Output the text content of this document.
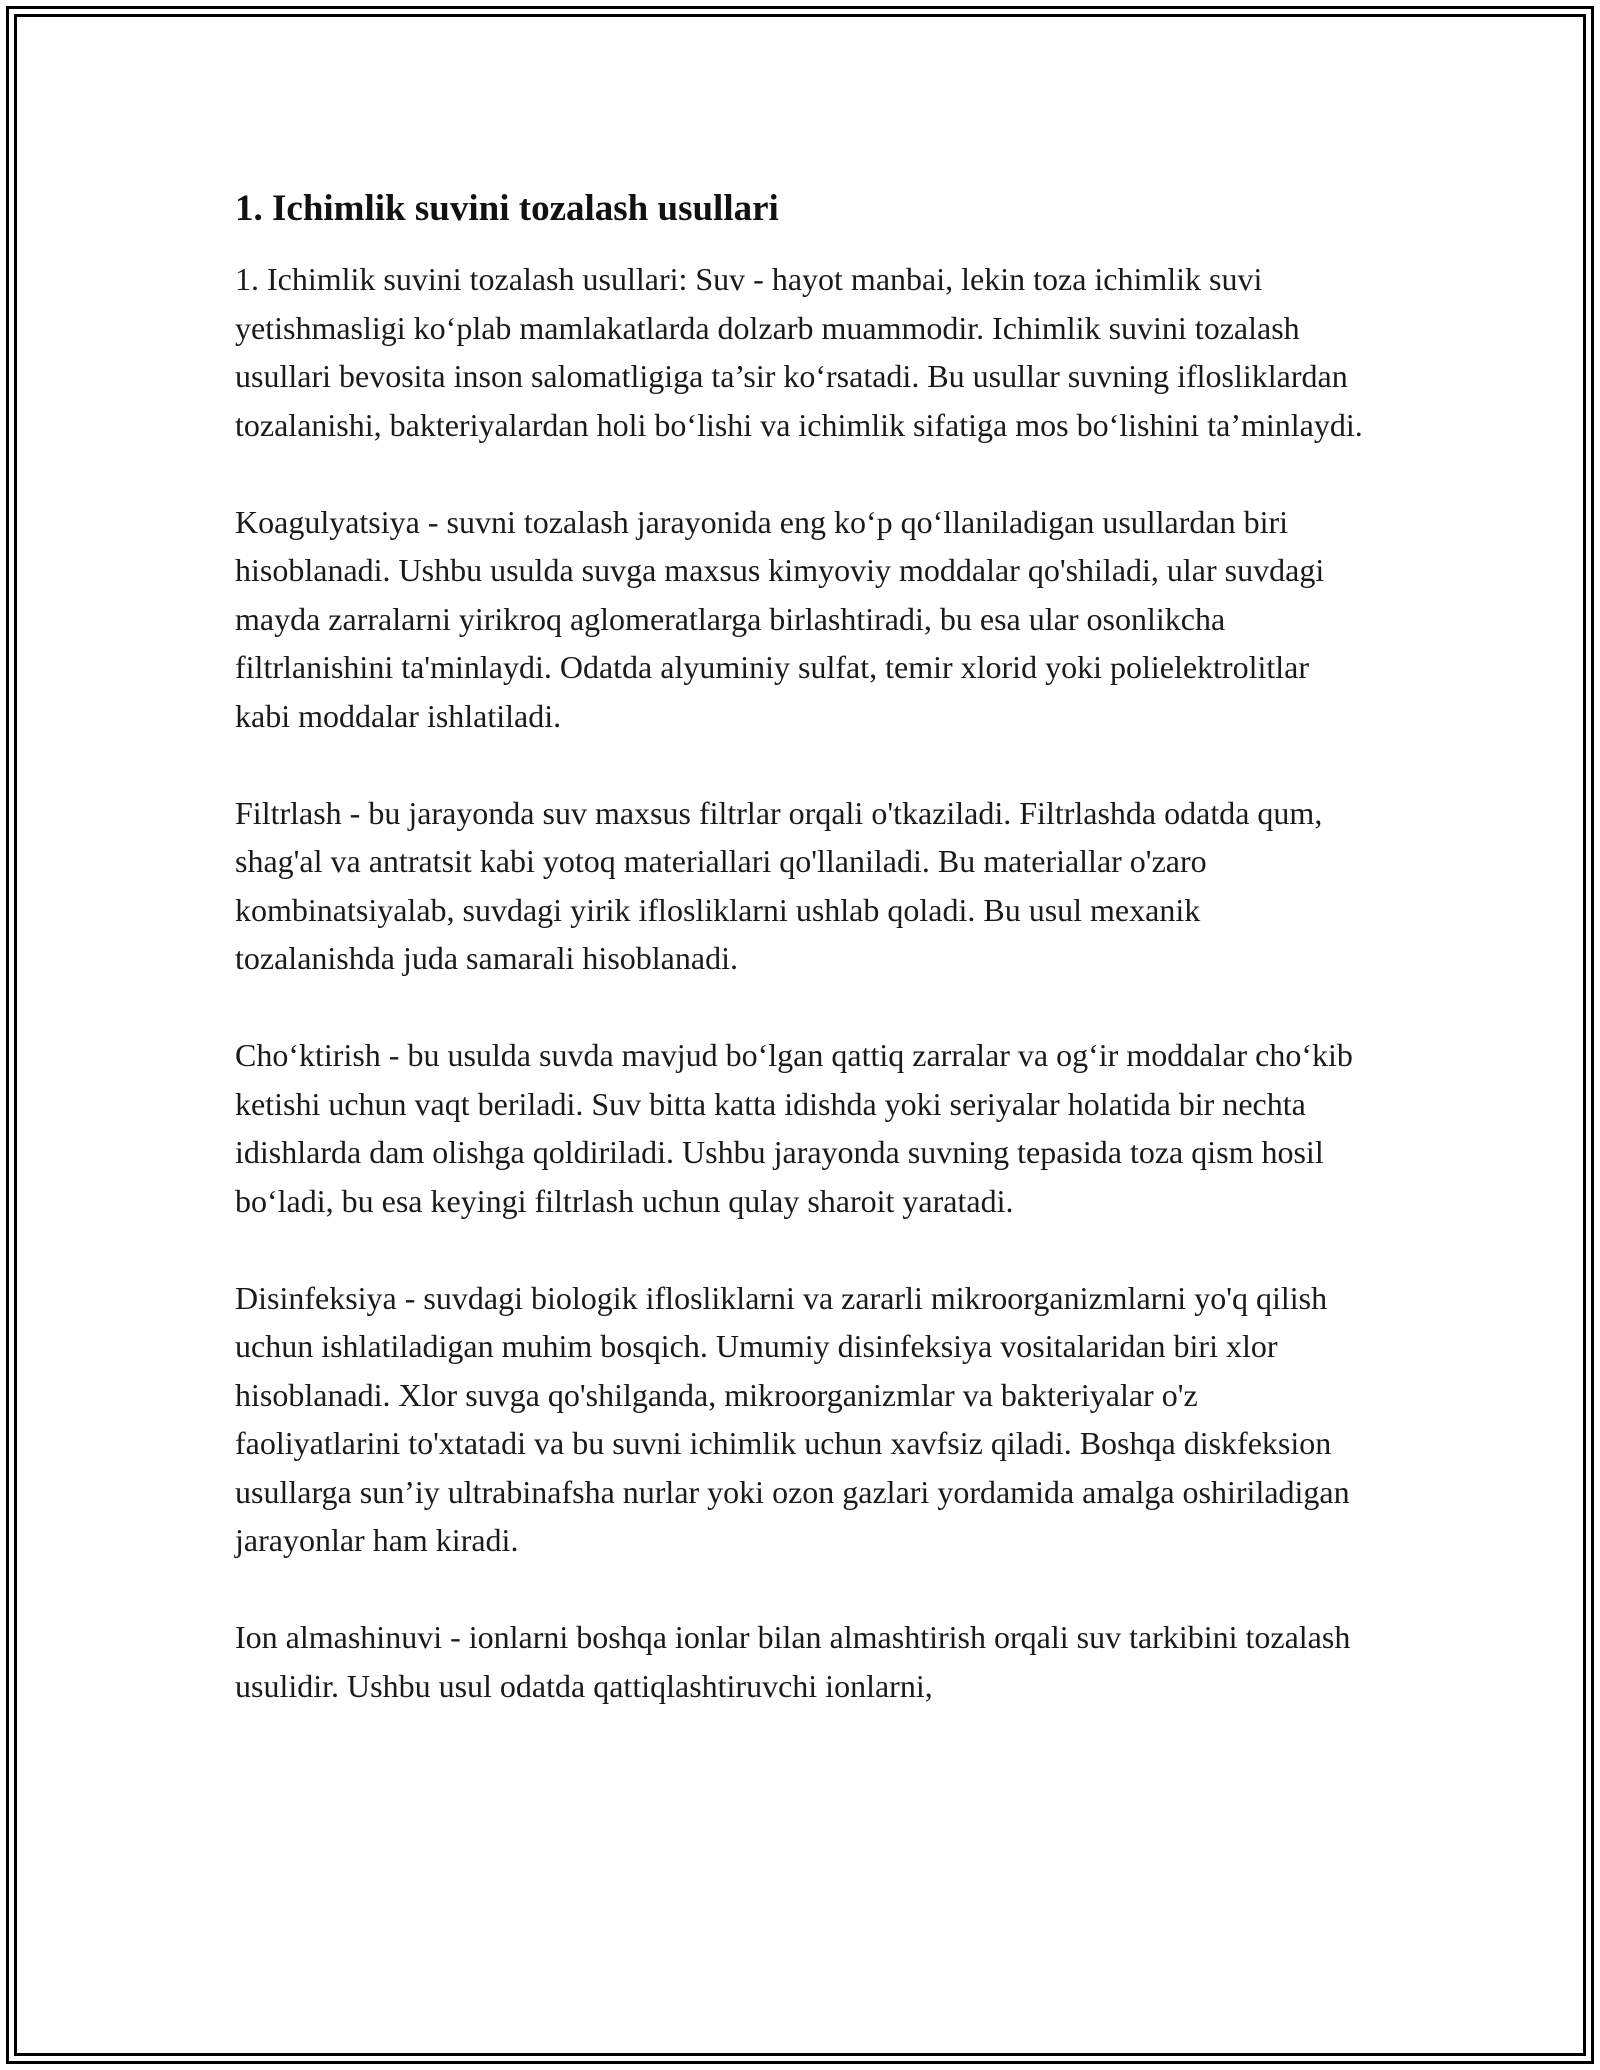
1. Ichimlik suvini tozalash usullari

1. Ichimlik suvini tozalash usullari: Suv - hayot manbai, lekin toza ichimlik suvi yetishmasligi ko‘plab mamlakatlarda dolzarb muammodir. Ichimlik suvini tozalash usullari bevosita inson salomatligiga ta’sir ko‘rsatadi. Bu usullar suvning iflosliklardan tozalanishi, bakteriyalardan holi bo‘lishi va ichimlik sifatiga mos bo‘lishini ta’minlaydi.

Koagulyatsiya - suvni tozalash jarayonida eng ko‘p qo‘llaniladigan usullardan biri hisoblanadi. Ushbu usulda suvga maxsus kimyoviy moddalar qo'shiladi, ular suvdagi mayda zarralarni yirikroq aglomeratlarga birlashtiradi, bu esa ular osonlikcha filtrlanishini ta'minlaydi. Odatda alyuminiy sulfat, temir xlorid yoki polielektrolitlar kabi moddalar ishlatiladi.

Filtrlash - bu jarayonda suv maxsus filtrlar orqali o'tkaziladi. Filtrlashda odatda qum, shag'al va antratsit kabi yotoq materiallari qo'llaniladi. Bu materiallar o'zaro kombinatsiyalab, suvdagi yirik iflosliklarni ushlab qoladi. Bu usul mexanik tozalanishda juda samarali hisoblanadi.

Cho‘ktirish - bu usulda suvda mavjud bo‘lgan qattiq zarralar va og‘ir moddalar cho‘kib ketishi uchun vaqt beriladi. Suv bitta katta idishda yoki seriyalar holatida bir nechta idishlarda dam olishga qoldiriladi. Ushbu jarayonda suvning tepasida toza qism hosil bo‘ladi, bu esa keyingi filtrlash uchun qulay sharoit yaratadi.

Disinfeksiya - suvdagi biologik iflosliklarni va zararli mikroorganizmlarni yo'q qilish uchun ishlatiladigan muhim bosqich. Umumiy disinfeksiya vositalaridan biri xlor hisoblanadi. Xlor suvga qo'shilganda, mikroorganizmlar va bakteriyalar o'z faoliyatlarini to'xtatadi va bu suvni ichimlik uchun xavfsiz qiladi. Boshqa diskfeksion usullarga sun’iy ultrabinafsha nurlar yoki ozon gazlari yordamida amalga oshiriladigan jarayonlar ham kiradi.

Ion almashinuvi - ionlarni boshqa ionlar bilan almashtirish orqali suv tarkibini tozalash usulidir. Ushbu usul odatda qattiqlashtiruvchi ionlarni,
